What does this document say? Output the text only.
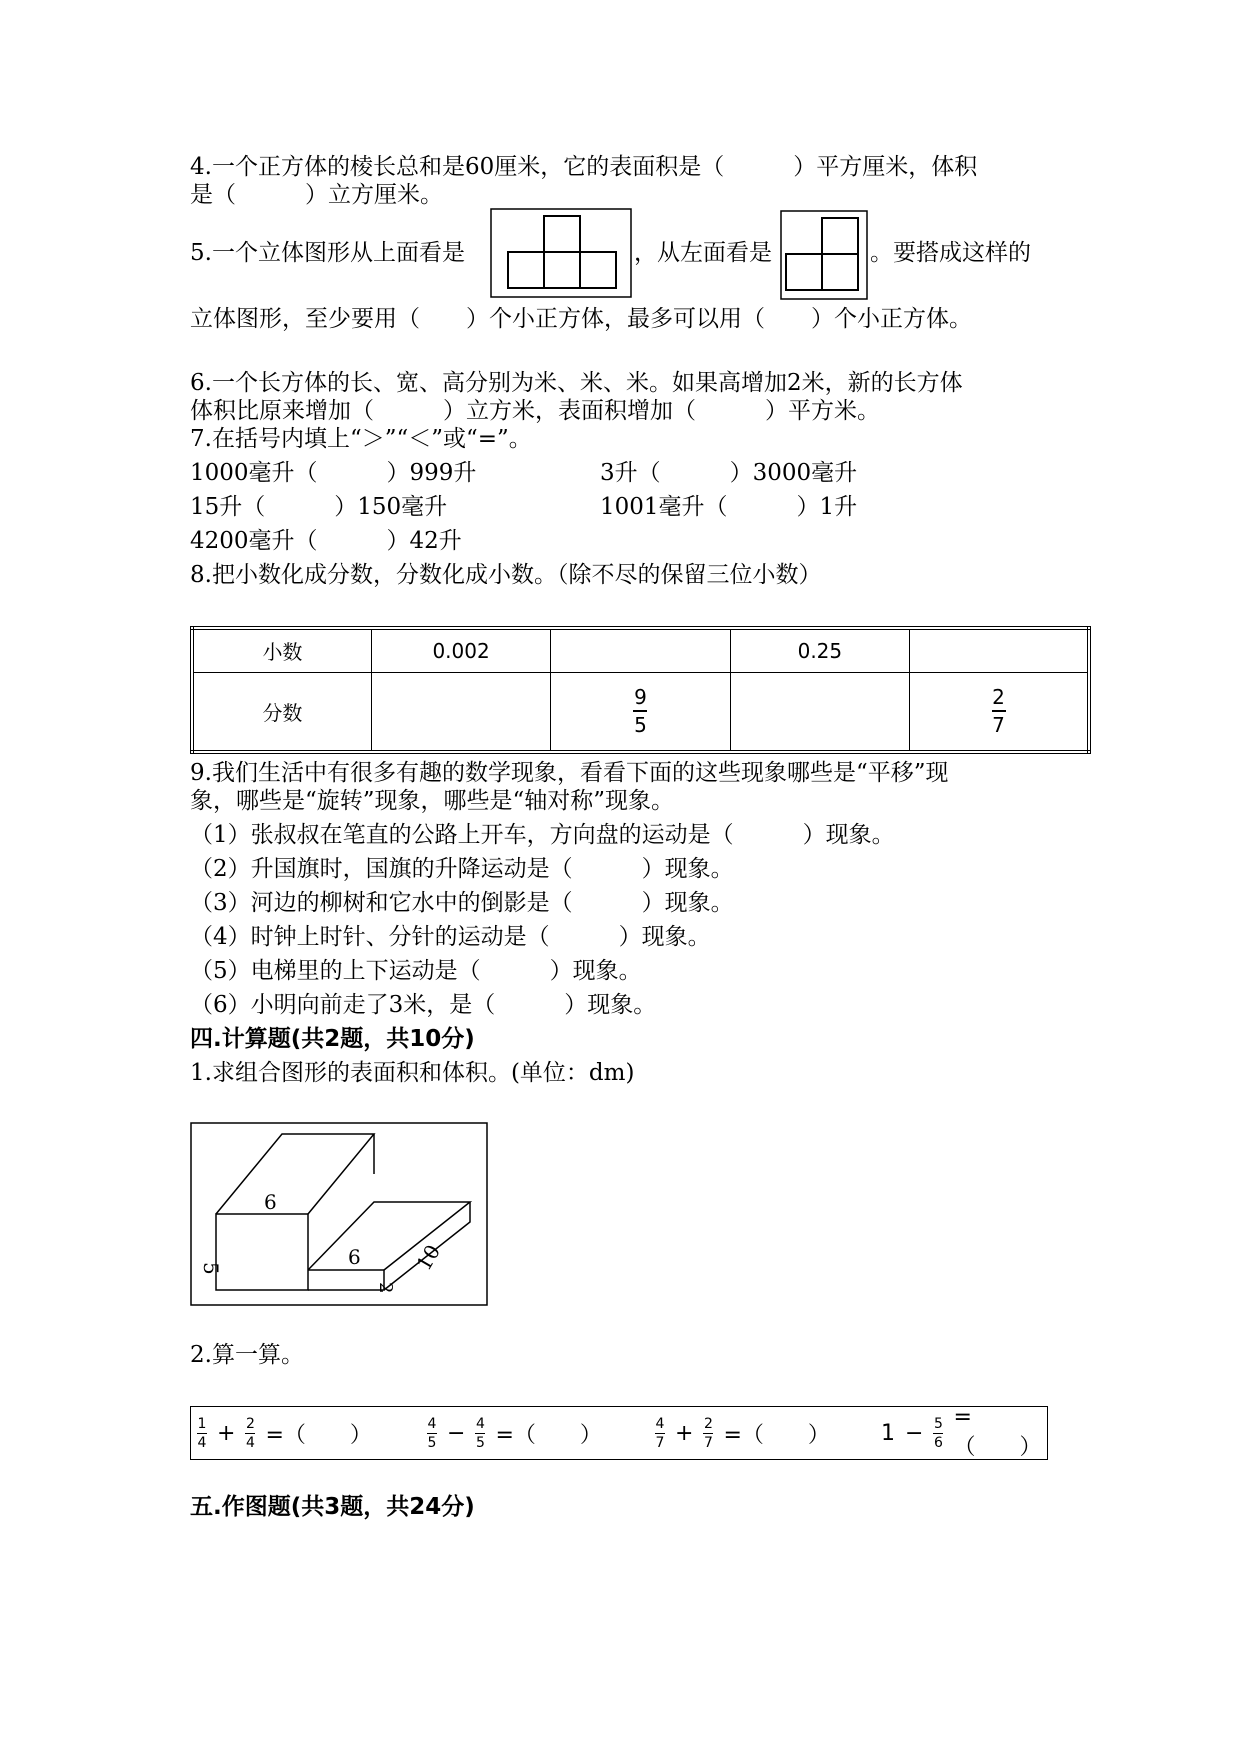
4.一个正方体的棱长总和是60厘米，它的表面积是（　　　）平方厘米，体积
是（　　　）立方厘米。
5.一个立体图形从上面看是	，从左面看是	。要搭成这样的
立体图形，至少要用（　　）个小正方体，最多可以用（　　）个小正方体。
6.一个长方体的长、宽、高分别为米、米、米。如果高增加2米，新的长方体
体积比原来增加（　　　）立方米，表面积增加（　　　）平方米。
7.在括号内填上“＞”“＜”或“=”。
1000毫升（　　　）999升	3升（　　　）3000毫升
15升（　　　）150毫升	1001毫升（　　　）1升
4200毫升（　　　）42升
8.把小数化成分数，分数化成小数。（除不尽的保留三位小数）
小数	0.002		0.25	
分数		$\frac{9}{5}$		$\frac{2}{7}$
9.我们生活中有很多有趣的数学现象，看看下面的这些现象哪些是“平移”现
象，哪些是“旋转”现象，哪些是“轴对称”现象。
（1）张叔叔在笔直的公路上开车，方向盘的运动是（　　　）现象。
（2）升国旗时，国旗的升降运动是（　　　）现象。
（3）河边的柳树和它水中的倒影是（　　　）现象。
（4）时钟上时针、分针的运动是（　　　）现象。
（5）电梯里的上下运动是（　　　）现象。
（6）小明向前走了3米，是（　　　）现象。
四.计算题(共2题，共10分)
1.求组合图形的表面积和体积。(单位：dm)
6
5	6
2
10
2.算一算。
$\frac{1}{4} + \frac{2}{4}$ =（　　）	$\frac{4}{5} - \frac{4}{5}$ =（　　）	$\frac{4}{7} + \frac{2}{7}$ =（　　） $1 - \frac{5}{6}$ =（　　）
五.作图题(共3题，共24分)
